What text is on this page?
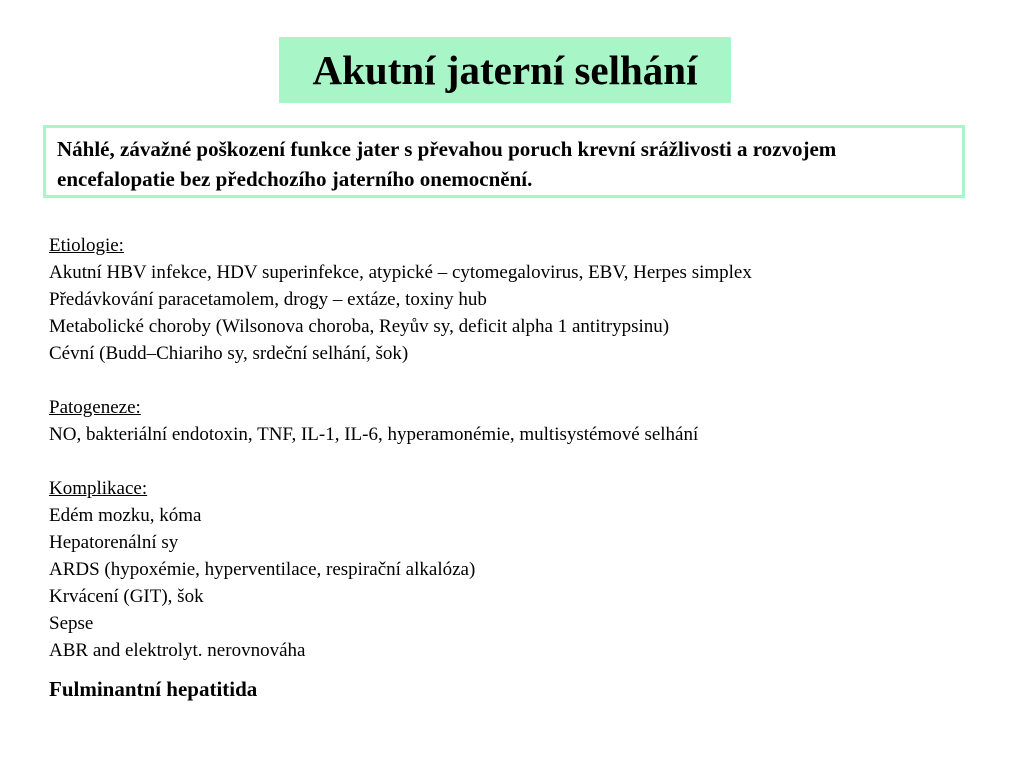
Akutní jaterní selhání

Náhlé, závažné poškození funkce jater s převahou poruch krevní srážlivosti a rozvojem encefalopatie bez předchozího jaterního onemocnění.

Etiologie:
Akutní HBV infekce, HDV superinfekce, atypické – cytomegalovirus, EBV, Herpes simplex
Předávkování paracetamolem, drogy – extáze, toxiny hub
Metabolické choroby (Wilsonova choroba, Reyův sy, deficit alpha 1 antitrypsinu)
Cévní (Budd–Chiariho sy, srdeční selhání, šok)
Patogeneze:
NO, bakteriální endotoxin, TNF, IL-1, IL-6, hyperamonémie, multisystémové selhání
Komplikace:
Edém mozku, kóma
Hepatorenální sy
ARDS (hypoxémie, hyperventilace, respirační alkalóza)
Krvácení (GIT), šok
Sepse
ABR and elektrolyt. nerovnováha
Fulminantní hepatitida
